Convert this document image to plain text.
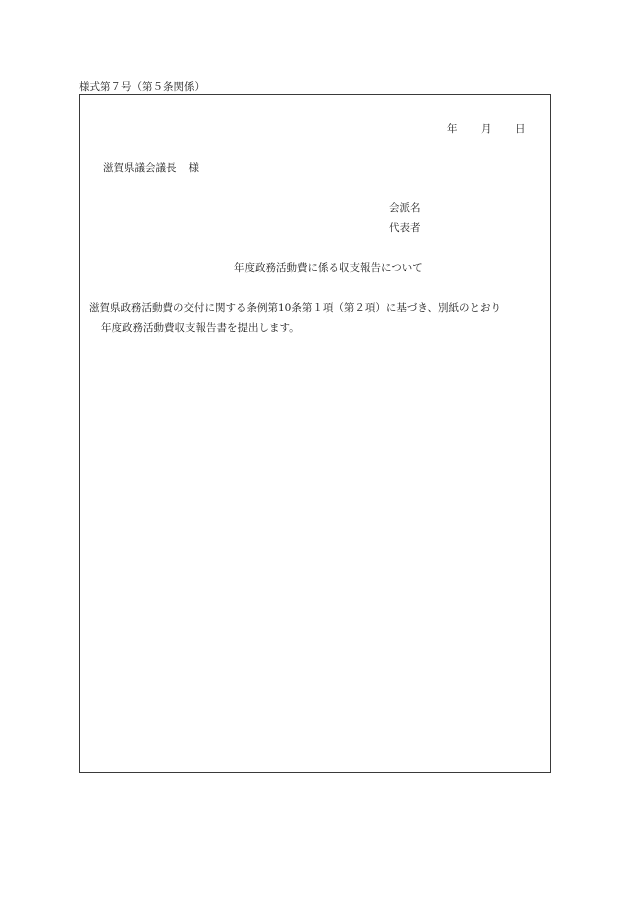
様式第７号（第５条関係）
年 月 日
滋賀県議会議長 様
会派名
代表者
年度政務活動費に係る収支報告について
滋賀県政務活動費の交付に関する条例第10条第１項（第２項）に基づき、別紙のとおり
年度政務活動費収支報告書を提出します。
